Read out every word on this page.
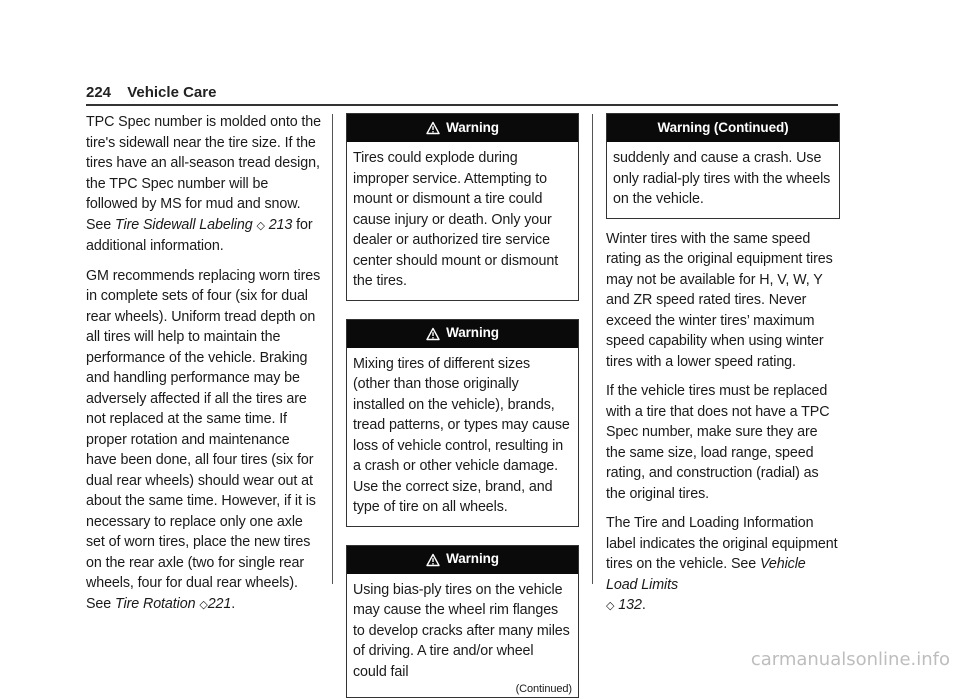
224 Vehicle Care

TPC Spec number is molded onto the tire's sidewall near the tire size. If the tires have an all-season tread design, the TPC Spec number will be followed by MS for mud and snow. See Tire Sidewall Labeling ◇ 213 for additional information.

GM recommends replacing worn tires in complete sets of four (six for dual rear wheels). Uniform tread depth on all tires will help to maintain the performance of the vehicle. Braking and handling performance may be adversely affected if all the tires are not replaced at the same time. If proper rotation and maintenance have been done, all four tires (six for dual rear wheels) should wear out at about the same time. However, if it is necessary to replace only one axle set of worn tires, place the new tires on the rear axle (two for single rear wheels, four for dual rear wheels). See Tire Rotation ◇221.

Warning
Tires could explode during improper service. Attempting to mount or dismount a tire could cause injury or death. Only your dealer or authorized tire service center should mount or dismount the tires.
Warning
Mixing tires of different sizes (other than those originally installed on the vehicle), brands, tread patterns, or types may cause loss of vehicle control, resulting in a crash or other vehicle damage. Use the correct size, brand, and type of tire on all wheels.
Warning
Using bias-ply tires on the vehicle may cause the wheel rim flanges to develop cracks after many miles of driving. A tire and/or wheel could fail
(Continued)
Warning (Continued)
suddenly and cause a crash. Use only radial-ply tires with the wheels on the vehicle.

Winter tires with the same speed rating as the original equipment tires may not be available for H, V, W, Y and ZR speed rated tires. Never exceed the winter tires’ maximum speed capability when using winter tires with a lower speed rating.

If the vehicle tires must be replaced with a tire that does not have a TPC Spec number, make sure they are the same size, load range, speed rating, and construction (radial) as the original tires.

The Tire and Loading Information label indicates the original equipment tires on the vehicle. See Vehicle Load Limits
◇ 132.

carmanualsonline.info
